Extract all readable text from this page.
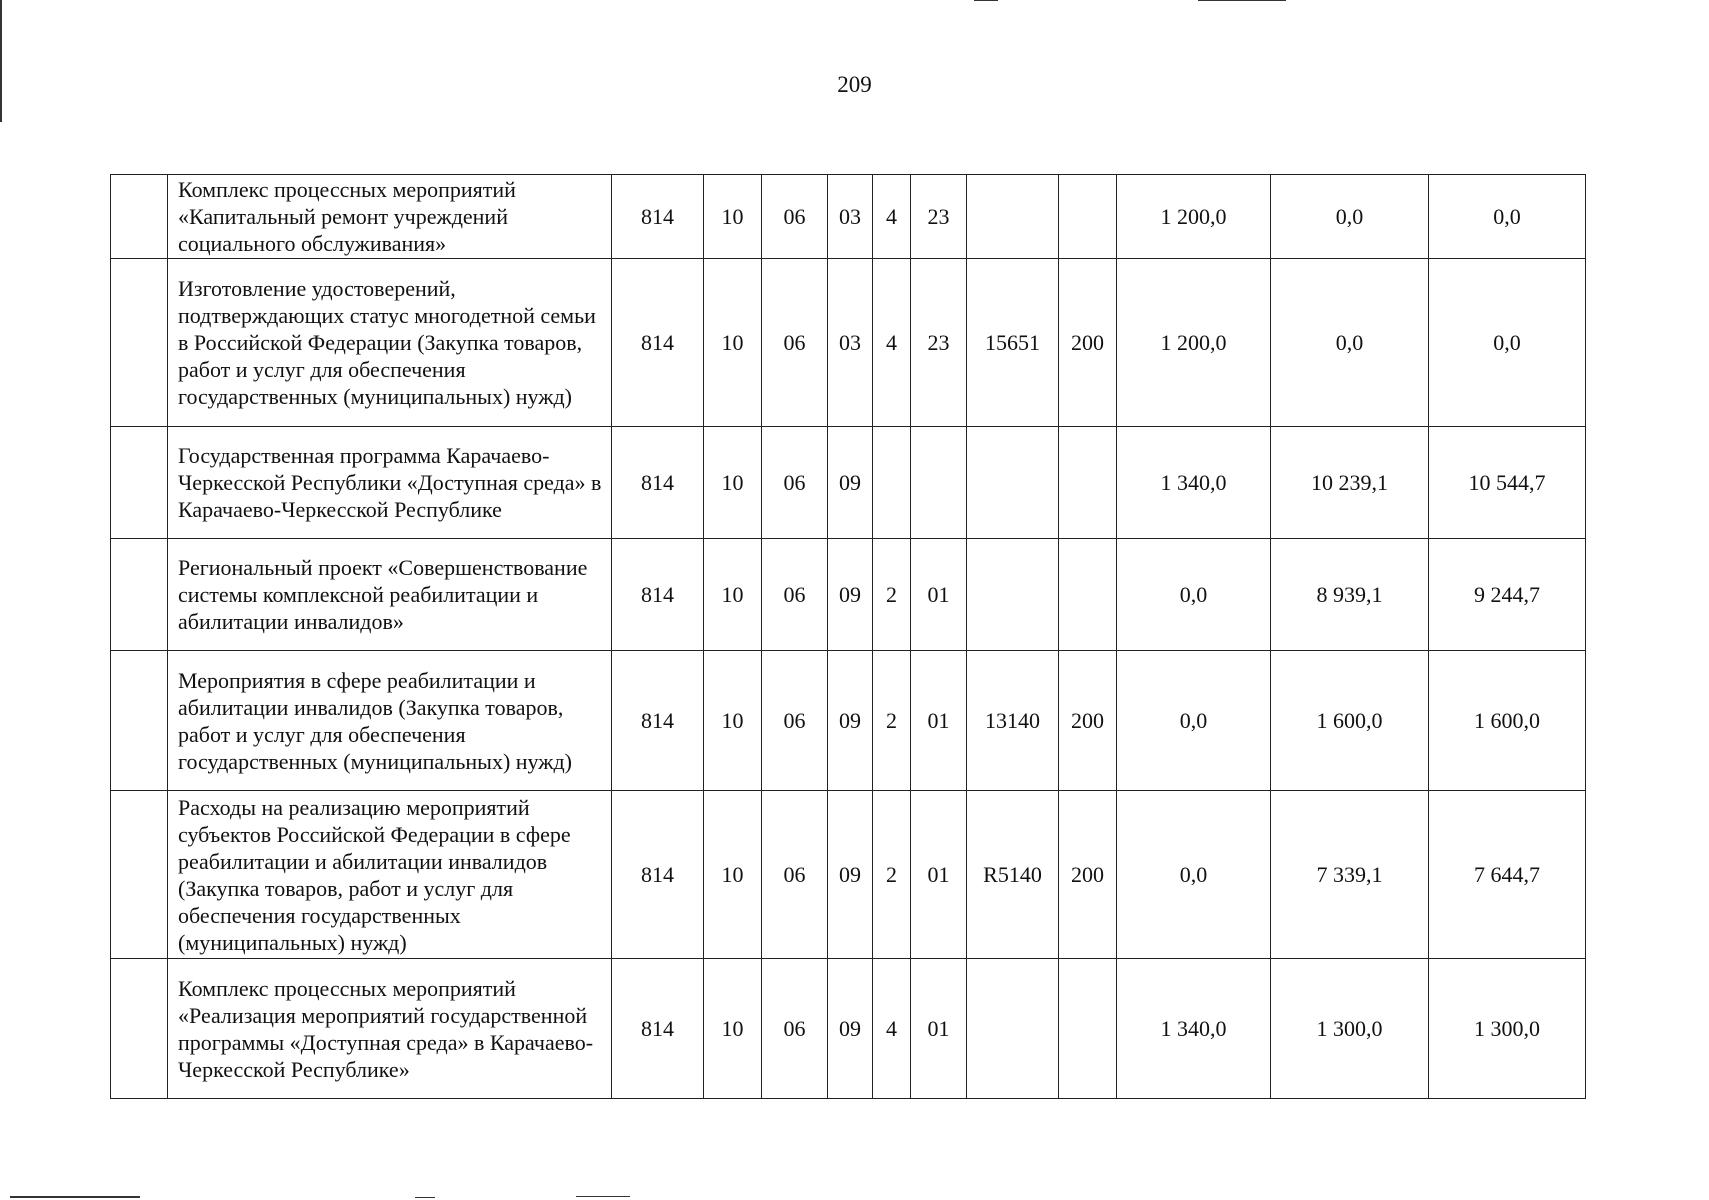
209
	Комплекс процессных мероприятий «Капитальный ремонт учреждений социального обслуживания»	814	10	06	03	4	23			1 200,0	0,0	0,0
	Изготовление удостоверений, подтверждающих статус многодетной семьи в Российской Федерации (Закупка товаров, работ и услуг для обеспечения государственных (муниципальных) нужд)	814	10	06	03	4	23	15651	200	1 200,0	0,0	0,0
	Государственная программа Карачаево-Черкесской Республики «Доступная среда» в Карачаево-Черкесской Республике	814	10	06	09					1 340,0	10 239,1	10 544,7
	Региональный проект «Совершенствование системы комплексной реабилитации и абилитации инвалидов»	814	10	06	09	2	01			0,0	8 939,1	9 244,7
	Мероприятия в сфере реабилитации и абилитации инвалидов (Закупка товаров, работ и услуг для обеспечения государственных (муниципальных) нужд)	814	10	06	09	2	01	13140	200	0,0	1 600,0	1 600,0
	Расходы на реализацию мероприятий субъектов Российской Федерации в сфере реабилитации и абилитации инвалидов (Закупка товаров, работ и услуг для обеспечения государственных (муниципальных) нужд)	814	10	06	09	2	01	R5140	200	0,0	7 339,1	7 644,7
	Комплекс процессных мероприятий «Реализация мероприятий государственной программы «Доступная среда» в Карачаево-Черкесской Республике»	814	10	06	09	4	01			1 340,0	1 300,0	1 300,0
